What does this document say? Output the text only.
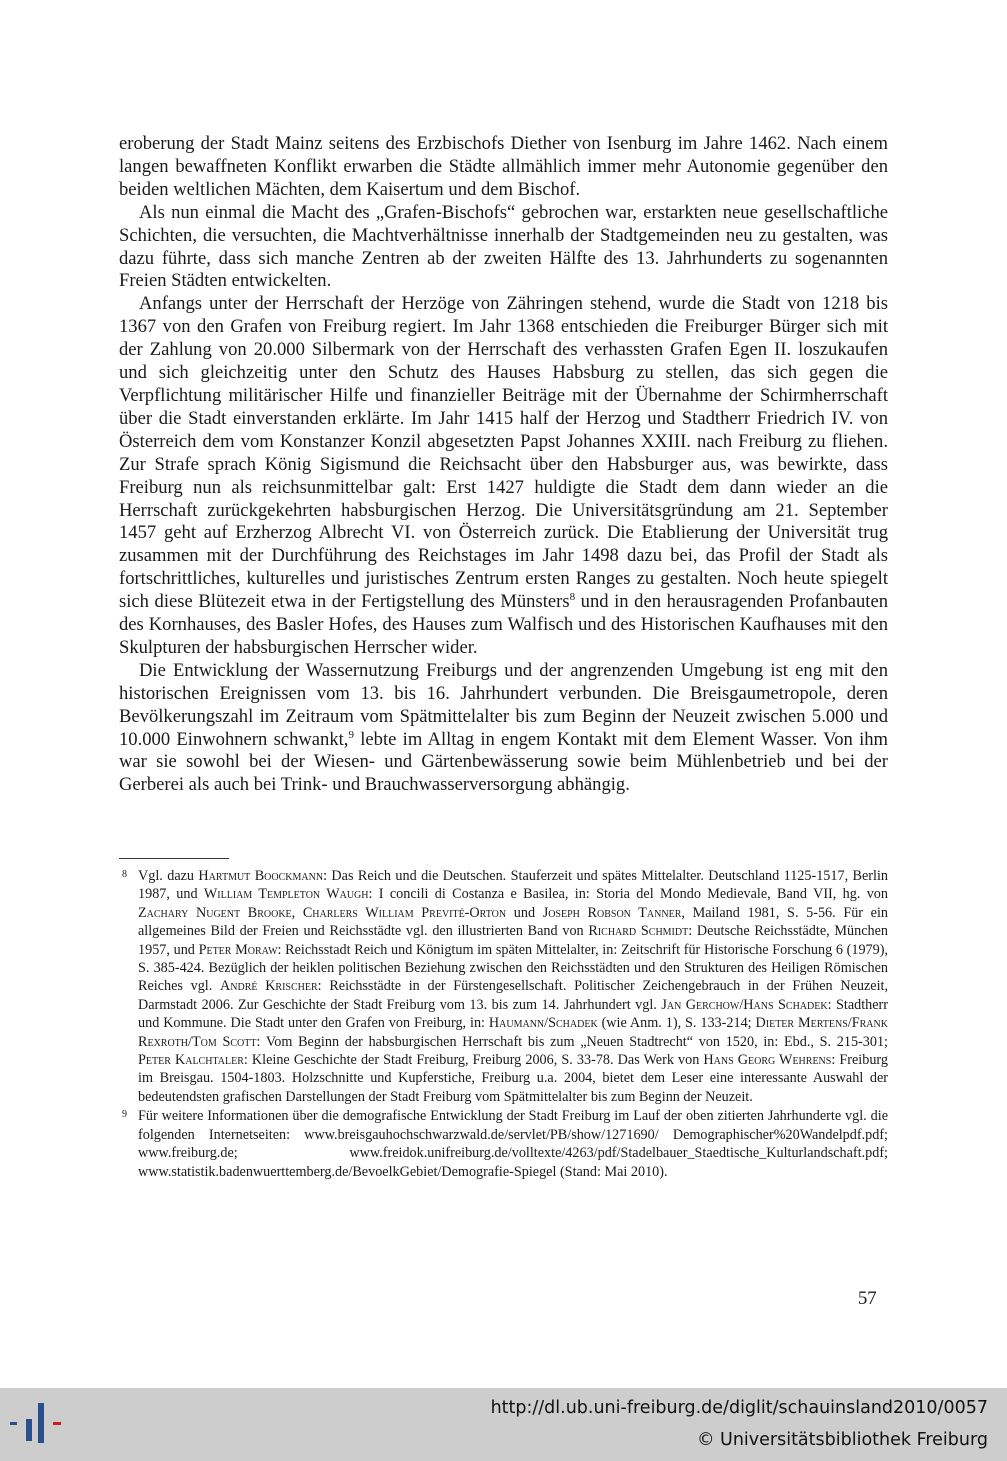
eroberung der Stadt Mainz seitens des Erzbischofs Diether von Isenburg im Jahre 1462. Nach einem langen bewaffneten Konflikt erwarben die Städte allmählich immer mehr Autonomie gegenüber den beiden weltlichen Mächten, dem Kaisertum und dem Bischof.

Als nun einmal die Macht des „Grafen-Bischofs“ gebrochen war, erstarkten neue gesellschaftliche Schichten, die versuchten, die Machtverhältnisse innerhalb der Stadtgemeinden neu zu gestalten, was dazu führte, dass sich manche Zentren ab der zweiten Hälfte des 13. Jahrhunderts zu sogenannten Freien Städten entwickelten.

Anfangs unter der Herrschaft der Herzöge von Zähringen stehend, wurde die Stadt von 1218 bis 1367 von den Grafen von Freiburg regiert. Im Jahr 1368 entschieden die Freiburger Bürger sich mit der Zahlung von 20.000 Silbermark von der Herrschaft des verhassten Grafen Egen II. loszukaufen und sich gleichzeitig unter den Schutz des Hauses Habsburg zu stellen, das sich gegen die Verpflichtung militärischer Hilfe und finanzieller Beiträge mit der Übernahme der Schirmherrschaft über die Stadt einverstanden erklärte. Im Jahr 1415 half der Herzog und Stadtherr Friedrich IV. von Österreich dem vom Konstanzer Konzil abgesetzten Papst Johannes XXIII. nach Freiburg zu fliehen. Zur Strafe sprach König Sigismund die Reichsacht über den Habsburger aus, was bewirkte, dass Freiburg nun als reichsunmittelbar galt: Erst 1427 huldigte die Stadt dem dann wieder an die Herrschaft zurückgekehrten habsburgischen Herzog. Die Universitätsgründung am 21. September 1457 geht auf Erzherzog Albrecht VI. von Österreich zurück. Die Etablierung der Universität trug zusammen mit der Durchführung des Reichstages im Jahr 1498 dazu bei, das Profil der Stadt als fortschrittliches, kulturelles und juristisches Zentrum ersten Ranges zu gestalten. Noch heute spiegelt sich diese Blütezeit etwa in der Fertigstellung des Münsters$^8$ und in den herausragenden Profanbauten des Kornhauses, des Basler Hofes, des Hauses zum Walfisch und des Historischen Kaufhauses mit den Skulpturen der habsburgischen Herrscher wider.

Die Entwicklung der Wassernutzung Freiburgs und der angrenzenden Umgebung ist eng mit den historischen Ereignissen vom 13. bis 16. Jahrhundert verbunden. Die Breisgaumetropole, deren Bevölkerungszahl im Zeitraum vom Spätmittelalter bis zum Beginn der Neuzeit zwischen 5.000 und 10.000 Einwohnern schwankt,$^9$ lebte im Alltag in engem Kontakt mit dem Element Wasser. Von ihm war sie sowohl bei der Wiesen- und Gärtenbewässerung sowie beim Mühlenbetrieb und bei der Gerberei als auch bei Trink- und Brauchwasserversorgung abhängig.

8 Vgl. dazu Hartmut Boockmann: Das Reich und die Deutschen. Stauferzeit und spätes Mittelalter. Deutschland 1125-1517, Berlin 1987, und William Templeton Waugh: I concili di Costanza e Basilea, in: Storia del Mondo Medievale, Band VII, hg. von Zachary Nugent Brooke, Charlers William Previté-Orton und Joseph Robson Tanner, Mailand 1981, S. 5-56. Für ein allgemeines Bild der Freien und Reichsstädte vgl. den illustrierten Band von Richard Schmidt: Deutsche Reichsstädte, München 1957, und Peter Moraw: Reichsstadt Reich und Königtum im späten Mittelalter, in: Zeitschrift für Historische Forschung 6 (1979), S. 385-424. Bezüglich der heiklen politischen Beziehung zwischen den Reichsstädten und den Strukturen des Heiligen Römischen Reiches vgl. André Krischer: Reichsstädte in der Fürstengesellschaft. Politischer Zeichengebrauch in der Frühen Neuzeit, Darmstadt 2006. Zur Geschichte der Stadt Freiburg vom 13. bis zum 14. Jahrhundert vgl. Jan Gerchow/Hans Schadek: Stadtherr und Kommune. Die Stadt unter den Grafen von Freiburg, in: Haumann/Schadek (wie Anm. 1), S. 133-214; Dieter Mertens/Frank Rexroth/Tom Scott: Vom Beginn der habsburgischen Herrschaft bis zum „Neuen Stadtrecht“ von 1520, in: Ebd., S. 215-301; Peter Kalchtaler: Kleine Geschichte der Stadt Freiburg, Freiburg 2006, S. 33-78. Das Werk von Hans Georg Wehrens: Freiburg im Breisgau. 1504-1803. Holzschnitte und Kupferstiche, Freiburg u.a. 2004, bietet dem Leser eine interessante Auswahl der bedeutendsten grafischen Darstellungen der Stadt Freiburg vom Spätmittelalter bis zum Beginn der Neuzeit.
9 Für weitere Informationen über die demografische Entwicklung der Stadt Freiburg im Lauf der oben zitierten Jahrhunderte vgl. die folgenden Internetseiten: www.breisgauhochschwarzwald.de/servlet/PB/show/1271690/ Demographischer%20Wandelpdf.pdf; www.freiburg.de; www.freidok.unifreiburg.de/volltexte/4263/pdf/Stadelbauer_Staedtische_Kulturlandschaft.pdf; www.statistik.badenwuerttemberg.de/BevoelkGebiet/Demografie-Spiegel (Stand: Mai 2010).
57
http://dl.ub.uni-freiburg.de/diglit/schauinsland2010/0057
© Universitätsbibliothek Freiburg
